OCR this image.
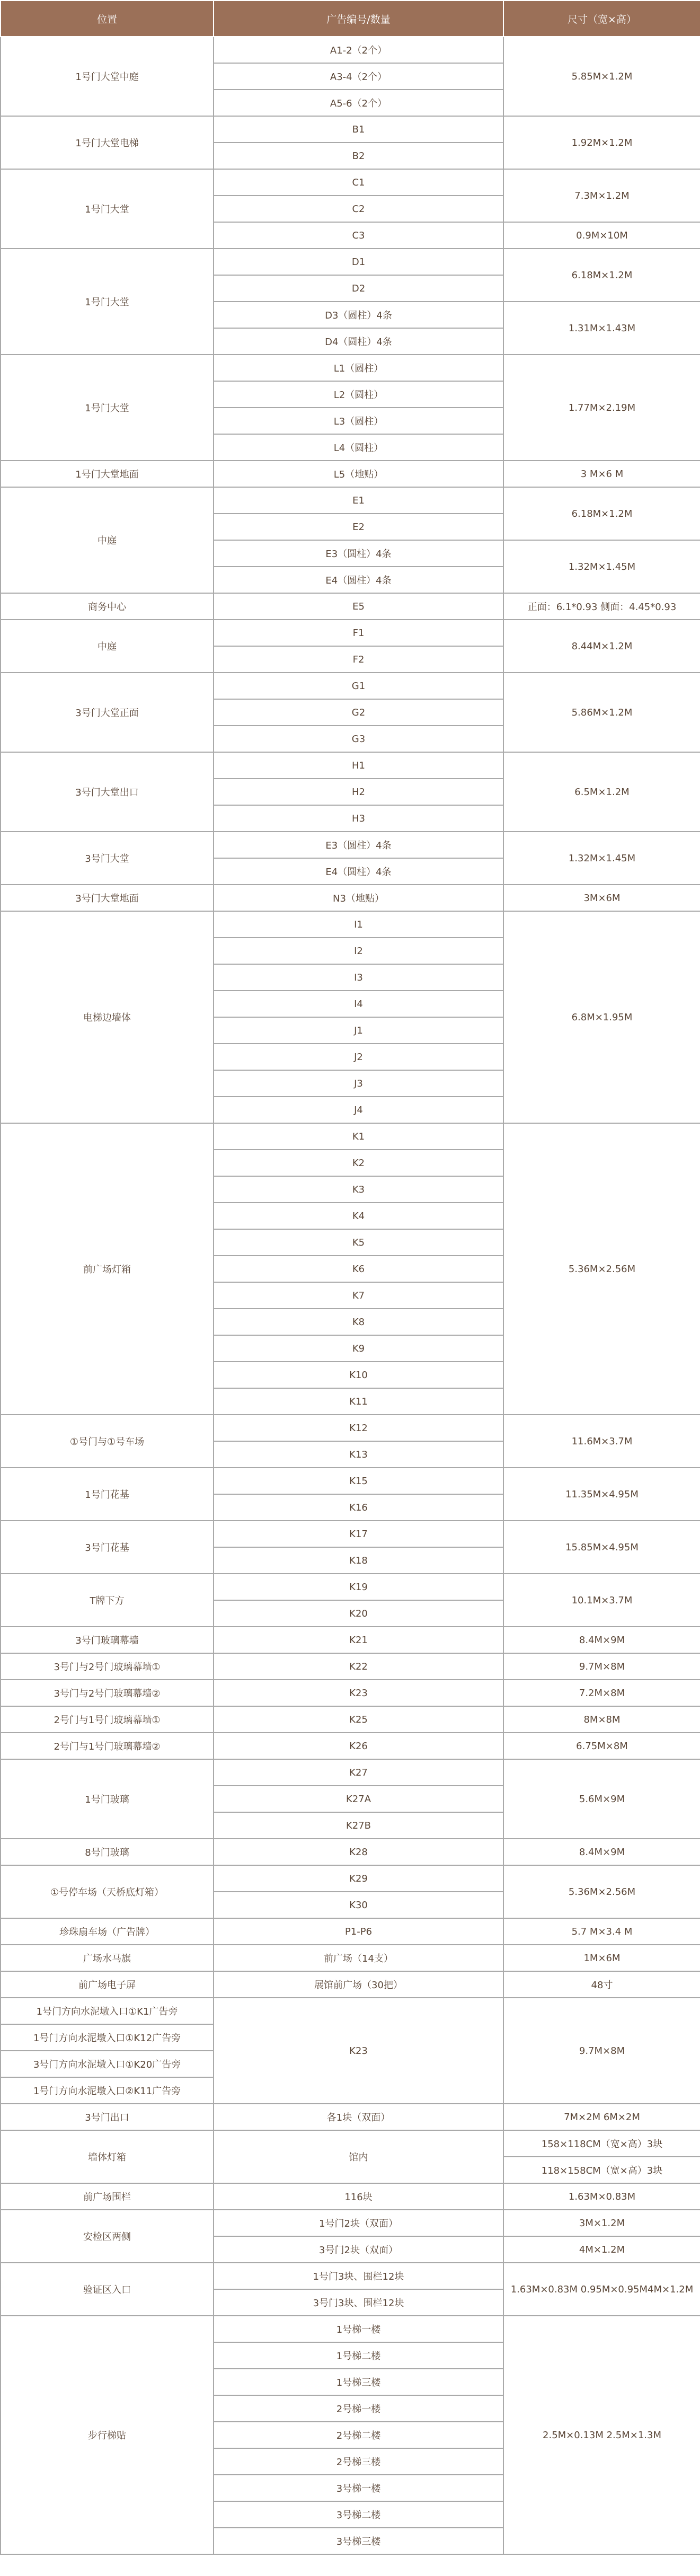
位置	广告编号/数量	尺寸（宽×高）
1号门大堂中庭	A1-2（2个）	5.85M×1.2M
	A3-4（2个）	
	A5-6（2个）	
1号门大堂电梯	B1	1.92M×1.2M
	B2	
1号门大堂	C1	7.3M×1.2M
	C2	
	C3	0.9M×10M
1号门大堂	D1	6.18M×1.2M
	D2	
	D3（圆柱）4条	1.31M×1.43M
	D4（圆柱）4条	
1号门大堂	L1（圆柱）	1.77M×2.19M
	L2（圆柱）	
	L3（圆柱）	
	L4（圆柱）	
1号门大堂地面	L5（地贴）	3 M×6 M
中庭	E1	6.18M×1.2M
	E2	
	E3（圆柱）4条	1.32M×1.45M
	E4（圆柱）4条	
商务中心	E5	正面：6.1*0.93 侧面：4.45*0.93
中庭	F1	8.44M×1.2M
	F2	
3号门大堂正面	G1	5.86M×1.2M
	G2	
	G3	
3号门大堂出口	H1	6.5M×1.2M
	H2	
	H3	
3号门大堂	E3（圆柱）4条	1.32M×1.45M
	E4（圆柱）4条	
3号门大堂地面	N3（地贴）	3M×6M
电梯边墙体	I1	6.8M×1.95M
	I2	
	I3	
	I4	
	J1	
	J2	
	J3	
	J4	
前广场灯箱	K1	5.36M×2.56M
	K2	
	K3	
	K4	
	K5	
	K6	
	K7	
	K8	
	K9	
	K10	
	K11	
①号门与①号车场	K12	11.6M×3.7M
	K13	
1号门花基	K15	11.35M×4.95M
	K16	
3号门花基	K17	15.85M×4.95M
	K18	
T牌下方	K19	10.1M×3.7M
	K20	
3号门玻璃幕墙	K21	8.4M×9M
3号门与2号门玻璃幕墙①	K22	9.7M×8M
3号门与2号门玻璃幕墙②	K23	7.2M×8M
2号门与1号门玻璃幕墙①	K25	8M×8M
2号门与1号门玻璃幕墙②	K26	6.75M×8M
1号门玻璃	K27	5.6M×9M
	K27A	
	K27B	
8号门玻璃	K28	8.4M×9M
①号停车场（天桥底灯箱）	K29	5.36M×2.56M
	K30	
珍珠扇车场（广告牌）	P1-P6	5.7 M×3.4 M
广场水马旗	前广场（14支）	1M×6M
前广场电子屏	展馆前广场（30把）	48寸
1号门方向水泥墩入口①K1广告旁	K23	9.7M×8M
1号门方向水泥墩入口①K12广告旁		
3号门方向水泥墩入口①K20广告旁		
1号门方向水泥墩入口②K11广告旁		
3号门出口	各1块（双面）	7M×2M 6M×2M
墙体灯箱	馆内	158×118CM（宽×高）3块
		118×158CM（宽×高）3块
前广场围栏	116块	1.63M×0.83M
安检区两侧	1号门2块（双面）	3M×1.2M
	3号门2块（双面）	4M×1.2M
验证区入口	1号门3块、围栏12块	1.63M×0.83M 0.95M×0.95M4M×1.2M
	3号门3块、围栏12块	
步行梯贴	1号梯一楼	2.5M×0.13M 2.5M×1.3M
	1号梯二楼	
	1号梯三楼	
	2号梯一楼	
	2号梯二楼	
	2号梯三楼	
	3号梯一楼	
	3号梯二楼	
	3号梯三楼	
